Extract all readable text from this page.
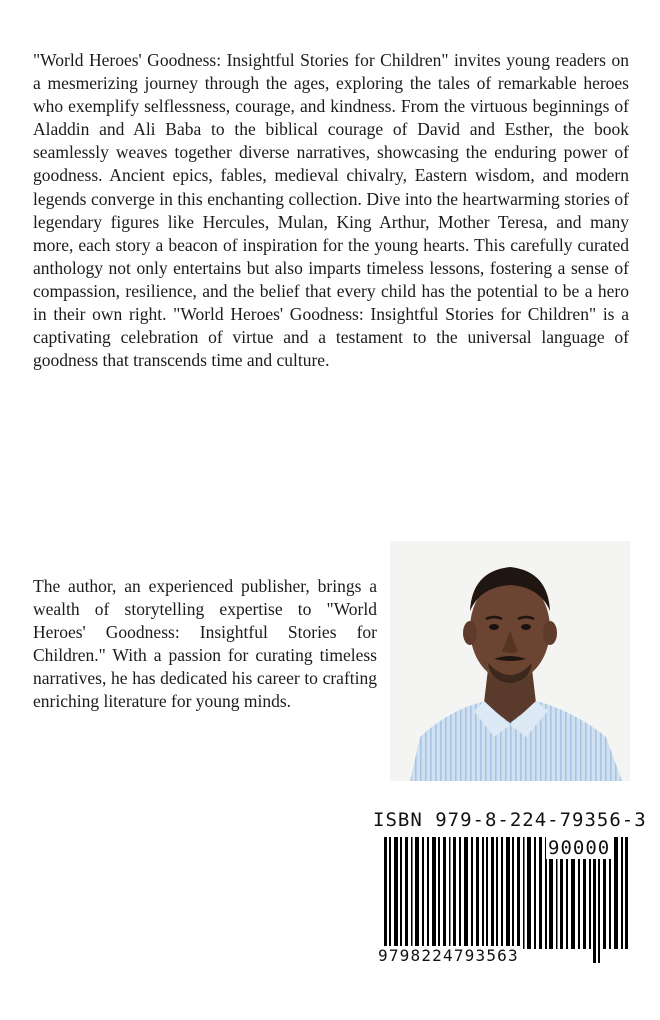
"World Heroes' Goodness: Insightful Stories for Children" invites young readers on a mesmerizing journey through the ages, exploring the tales of remarkable heroes who exemplify selflessness, courage, and kindness. From the virtuous beginnings of Aladdin and Ali Baba to the biblical courage of David and Esther, the book seamlessly weaves together diverse narratives, showcasing the enduring power of goodness. Ancient epics, fables, medieval chivalry, Eastern wisdom, and modern legends converge in this enchanting collection. Dive into the heartwarming stories of legendary figures like Hercules, Mulan, King Arthur, Mother Teresa, and many more, each story a beacon of inspiration for the young hearts. This carefully curated anthology not only entertains but also imparts timeless lessons, fostering a sense of compassion, resilience, and the belief that every child has the potential to be a hero in their own right. "World Heroes' Goodness: Insightful Stories for Children" is a captivating celebration of virtue and a testament to the universal language of goodness that transcends time and culture.

The author, an experienced publisher, brings a wealth of storytelling expertise to "World Heroes' Goodness: Insightful Stories for Children." With a passion for curating timeless narratives, he has dedicated his career to crafting enriching literature for young minds.

ISBN 979-8-224-79356-3

90000

9798224793563
